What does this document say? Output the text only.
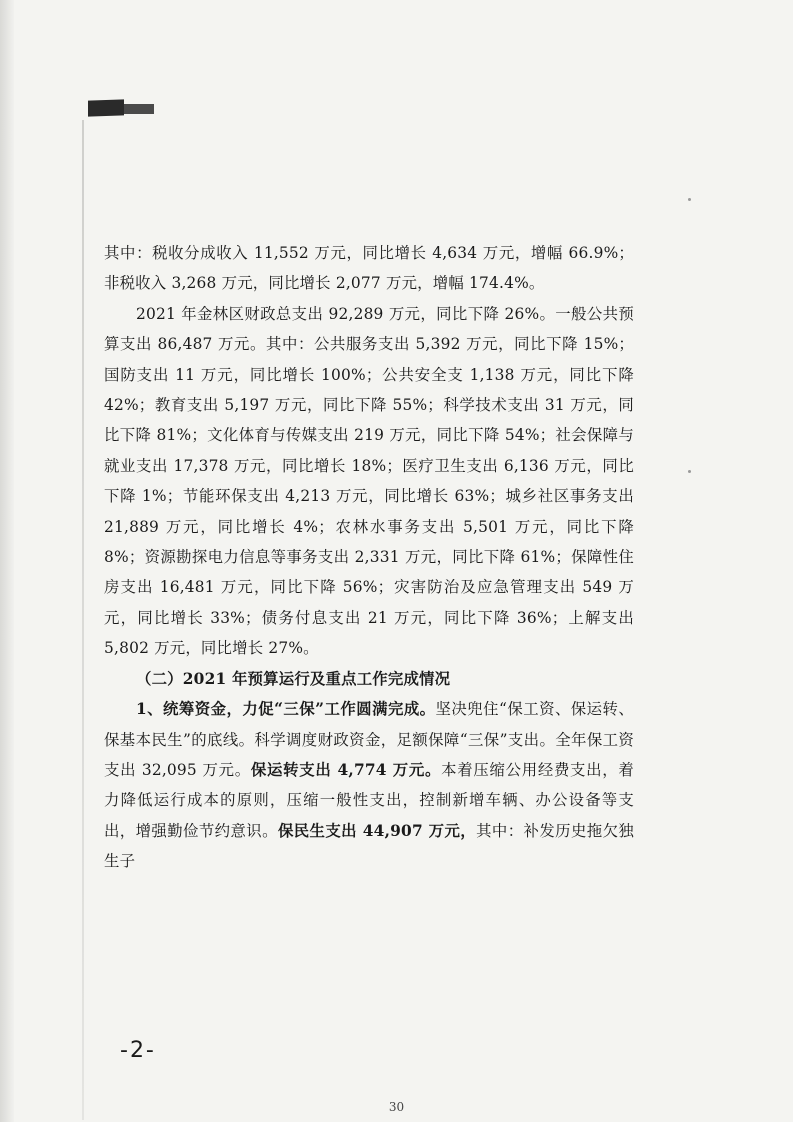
其中：税收分成收入 11,552 万元，同比增长 4,634 万元，增幅 66.9%；非税收入 3,268 万元，同比增长 2,077 万元，增幅 174.4%。

2021 年金林区财政总支出 92,289 万元，同比下降 26%。一般公共预算支出 86,487 万元。其中：公共服务支出 5,392 万元，同比下降 15%；国防支出 11 万元，同比增长 100%；公共安全支 1,138 万元，同比下降 42%；教育支出 5,197 万元，同比下降 55%；科学技术支出 31 万元，同比下降 81%；文化体育与传媒支出 219 万元，同比下降 54%；社会保障与就业支出 17,378 万元，同比增长 18%；医疗卫生支出 6,136 万元，同比下降 1%；节能环保支出 4,213 万元，同比增长 63%；城乡社区事务支出 21,889 万元，同比增长 4%；农林水事务支出 5,501 万元，同比下降 8%；资源勘探电力信息等事务支出 2,331 万元，同比下降 61%；保障性住房支出 16,481 万元，同比下降 56%；灾害防治及应急管理支出 549 万元，同比增长 33%；债务付息支出 21 万元，同比下降 36%；上解支出 5,802 万元，同比增长 27%。

（二）2021 年预算运行及重点工作完成情况

1、统筹资金，力促“三保”工作圆满完成。坚决兜住“保工资、保运转、保基本民生”的底线。科学调度财政资金，足额保障“三保”支出。全年保工资支出 32,095 万元。保运转支出 4,774 万元。本着压缩公用经费支出，着力降低运行成本的原则，压缩一般性支出，控制新增车辆、办公设备等支出，增强勤俭节约意识。保民生支出 44,907 万元，其中：补发历史拖欠独生子

-2-
30
